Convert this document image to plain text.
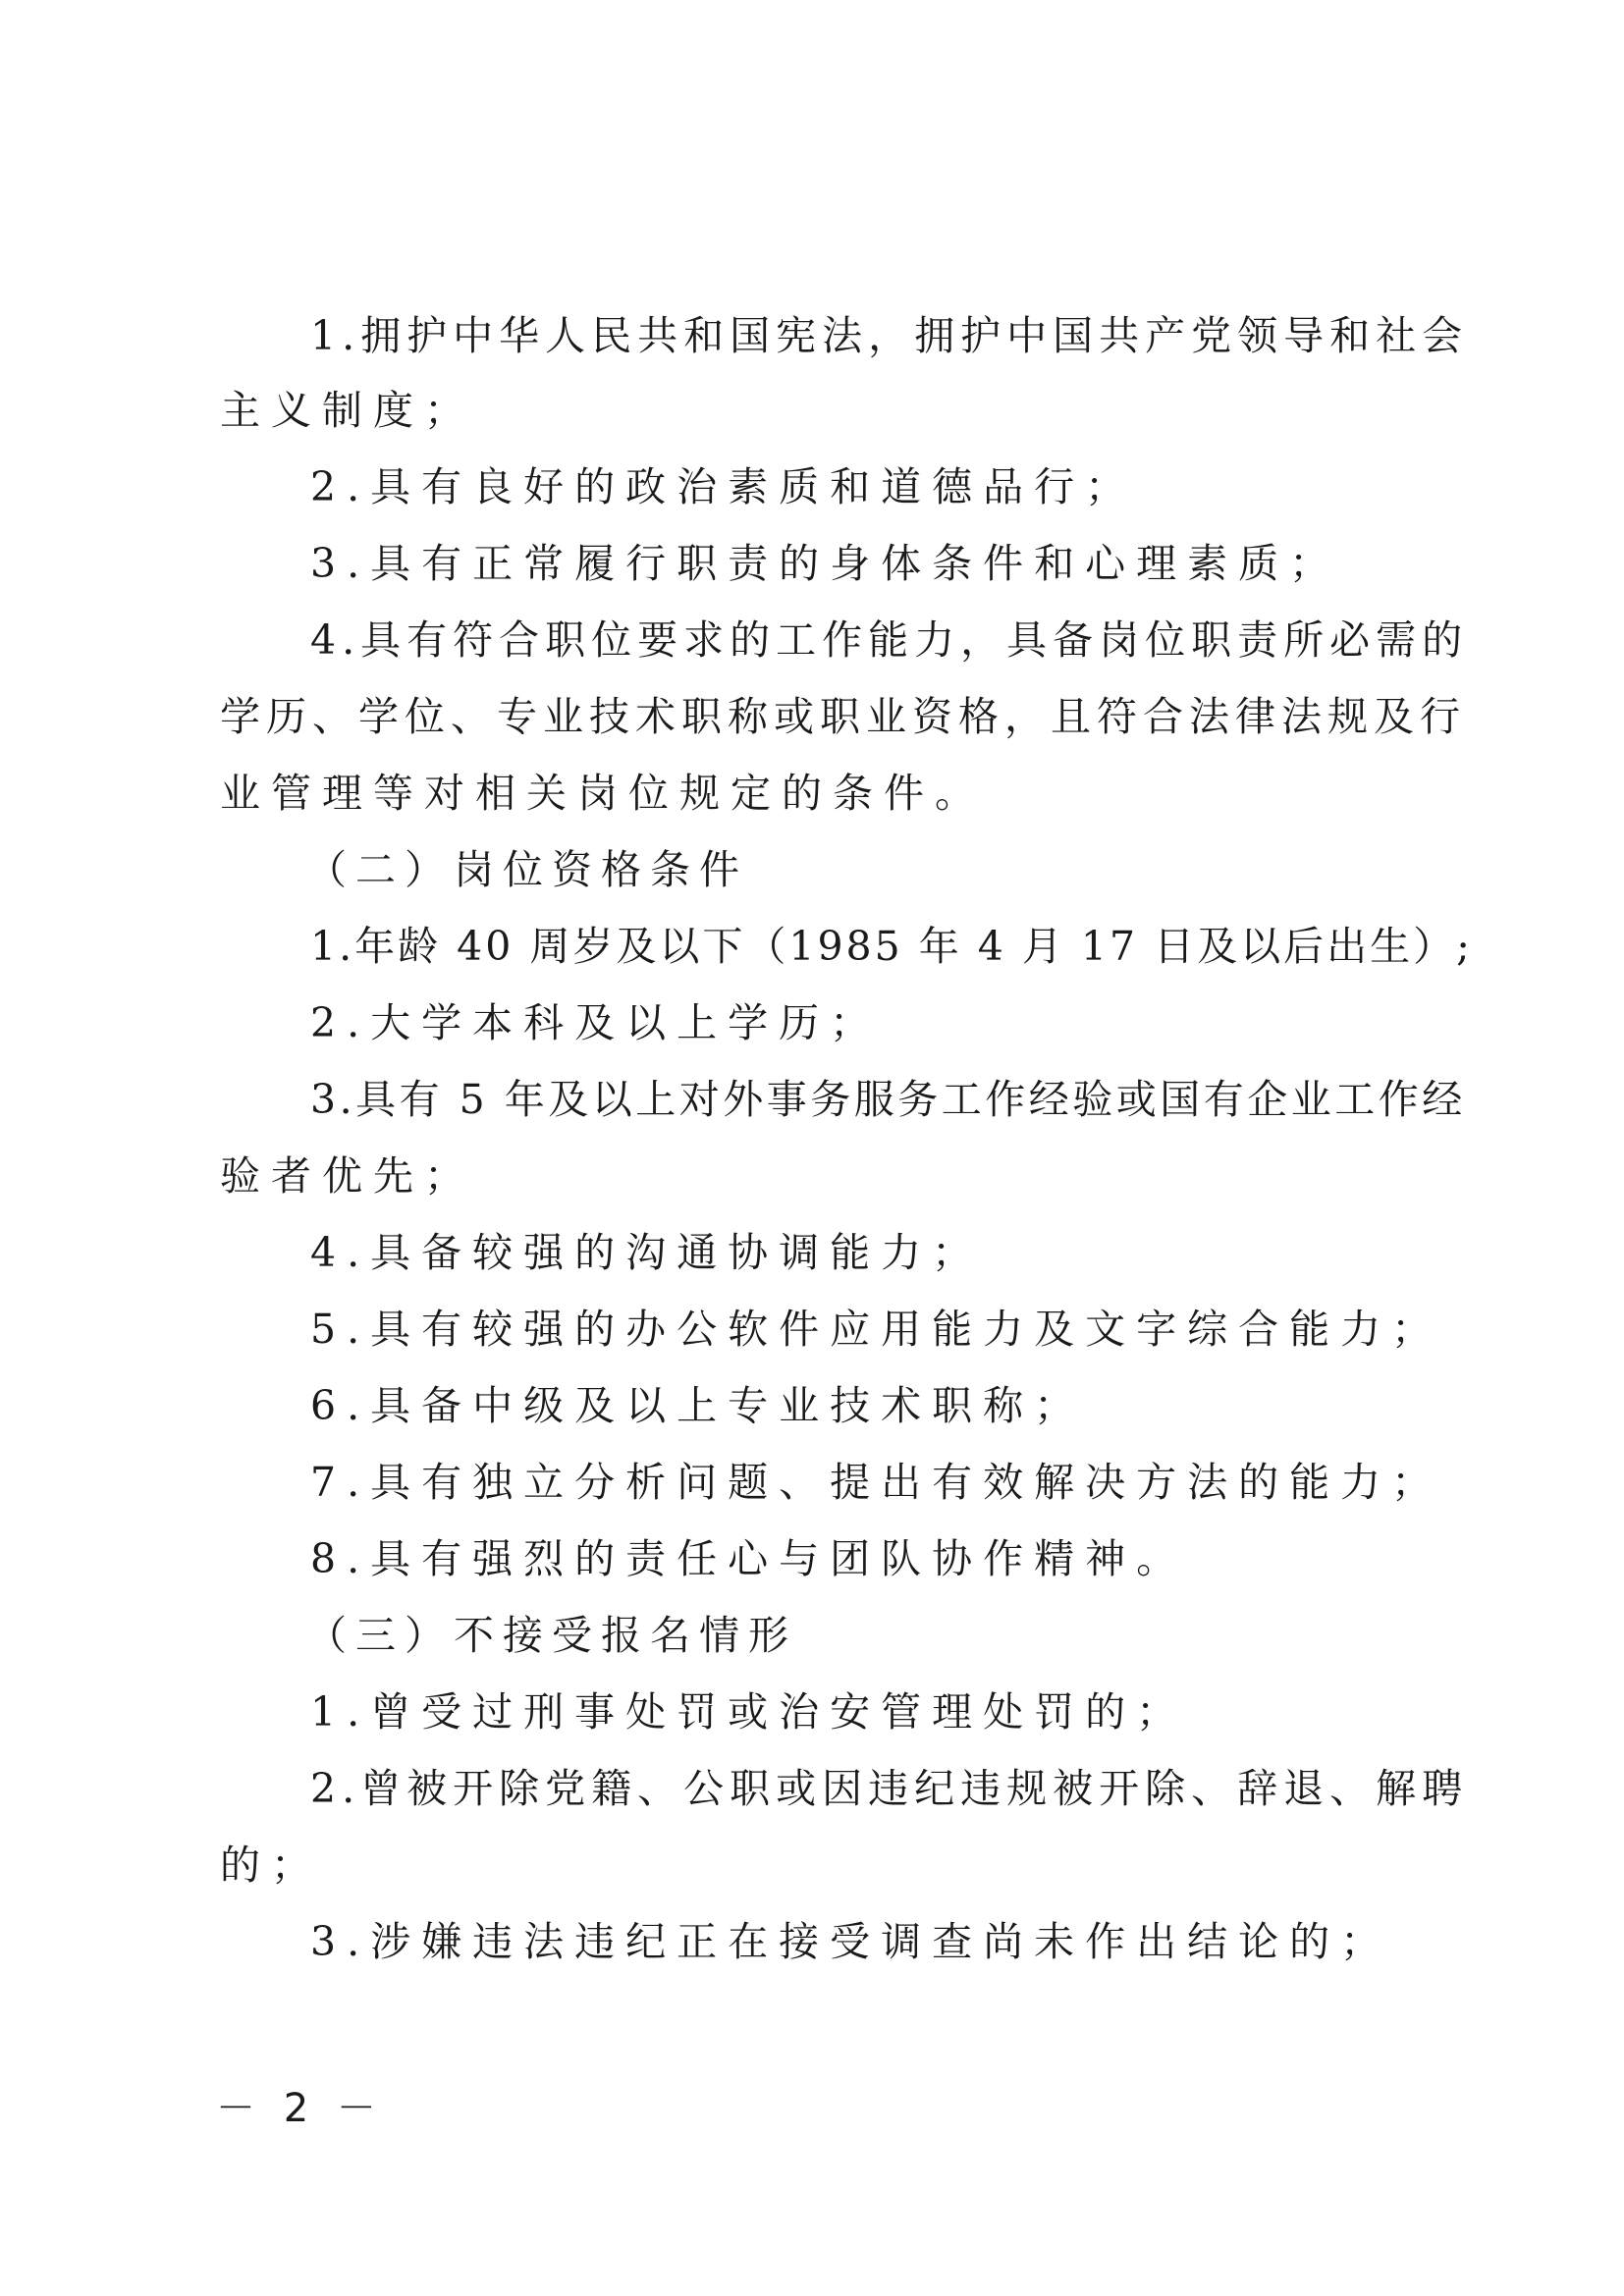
1.拥护中华人民共和国宪法，拥护中国共产党领导和社会
主义制度；
2.具有良好的政治素质和道德品行；
3.具有正常履行职责的身体条件和心理素质；
4.具有符合职位要求的工作能力，具备岗位职责所必需的
学历、学位、专业技术职称或职业资格，且符合法律法规及行
业管理等对相关岗位规定的条件。
（二）岗位资格条件
1.年龄 40 周岁及以下（1985 年 4 月 17 日及以后出生）;
2.大学本科及以上学历；
3.具有 5 年及以上对外事务服务工作经验或国有企业工作经
验者优先；
4.具备较强的沟通协调能力；
5.具有较强的办公软件应用能力及文字综合能力；
6.具备中级及以上专业技术职称；
7.具有独立分析问题、提出有效解决方法的能力；
8.具有强烈的责任心与团队协作精神。
（三）不接受报名情形
1.曾受过刑事处罚或治安管理处罚的；
2.曾被开除党籍、公职或因违纪违规被开除、辞退、解聘
的；
3.涉嫌违法违纪正在接受调查尚未作出结论的；
－ 2 －
